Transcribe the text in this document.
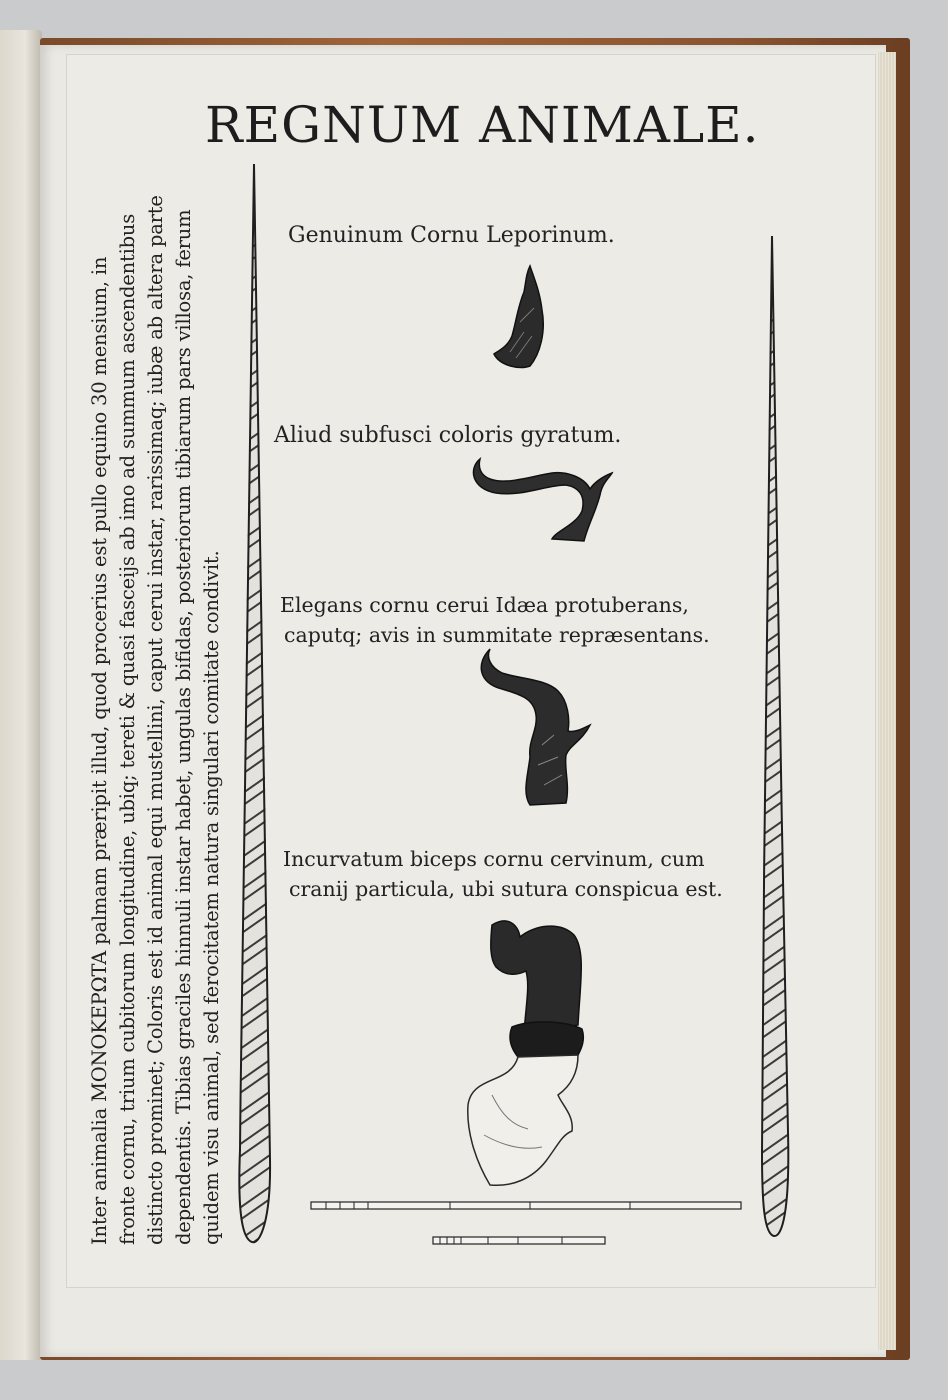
REGNUM ANIMALE.
Inter animalia MONOKEPΩTA palmam præripit illud, quod procerius est pullo equino 30 mensium, in fronte cornu, trium cubitorum longitudine, ubiq; tereti & quasi fasceijs ab imo ad summum ascendentibus distincto prominet; Coloris est id animal equi mustellini, caput cerui instar, rarissimaq; iubæ ab altera parte dependentis. Tibias graciles hinnuli instar habet, ungulas bifidas, posteriorum tibiarum pars villosa, ferum quidem visu animal, sed ferocitatem natura singulari comitate condivit.
Genuinum Cornu Leporinum.
Aliud subfusci coloris gyratum.
Elegans cornu cerui Idæa protuberans,
caputq; avis in summitate repræsentans.
Incurvatum biceps cornu cervinum, cum
cranij particula, ubi sutura conspicua est.
